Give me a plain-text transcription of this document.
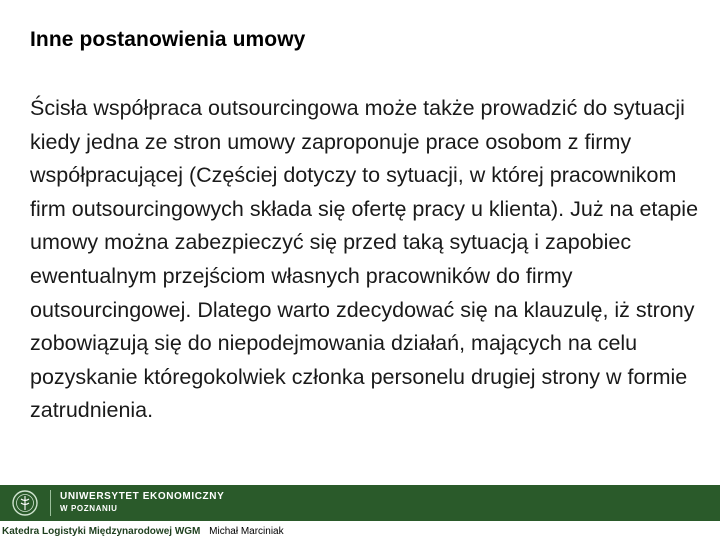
Inne postanowienia umowy
Ścisła współpraca outsourcingowa może także prowadzić do sytuacji kiedy jedna ze stron umowy zaproponuje prace osobom z firmy współpracującej (Częściej dotyczy to sytuacji, w której pracownikom firm outsourcingowych składa się ofertę pracy u klienta). Już na etapie umowy można zabezpieczyć się przed taką sytuacją i zapobiec ewentualnym przejściom własnych pracowników do firmy outsourcingowej. Dlatego warto zdecydować się na klauzulę, iż strony zobowiązują się do niepodejmowania działań, mających na celu pozyskanie któregokolwiek członka personelu drugiej strony w formie zatrudnienia.
UNIWERSYTET EKONOMICZNY
W POZNANIU
Katedra Logistyki Międzynarodowej WGM Michał Marciniak
